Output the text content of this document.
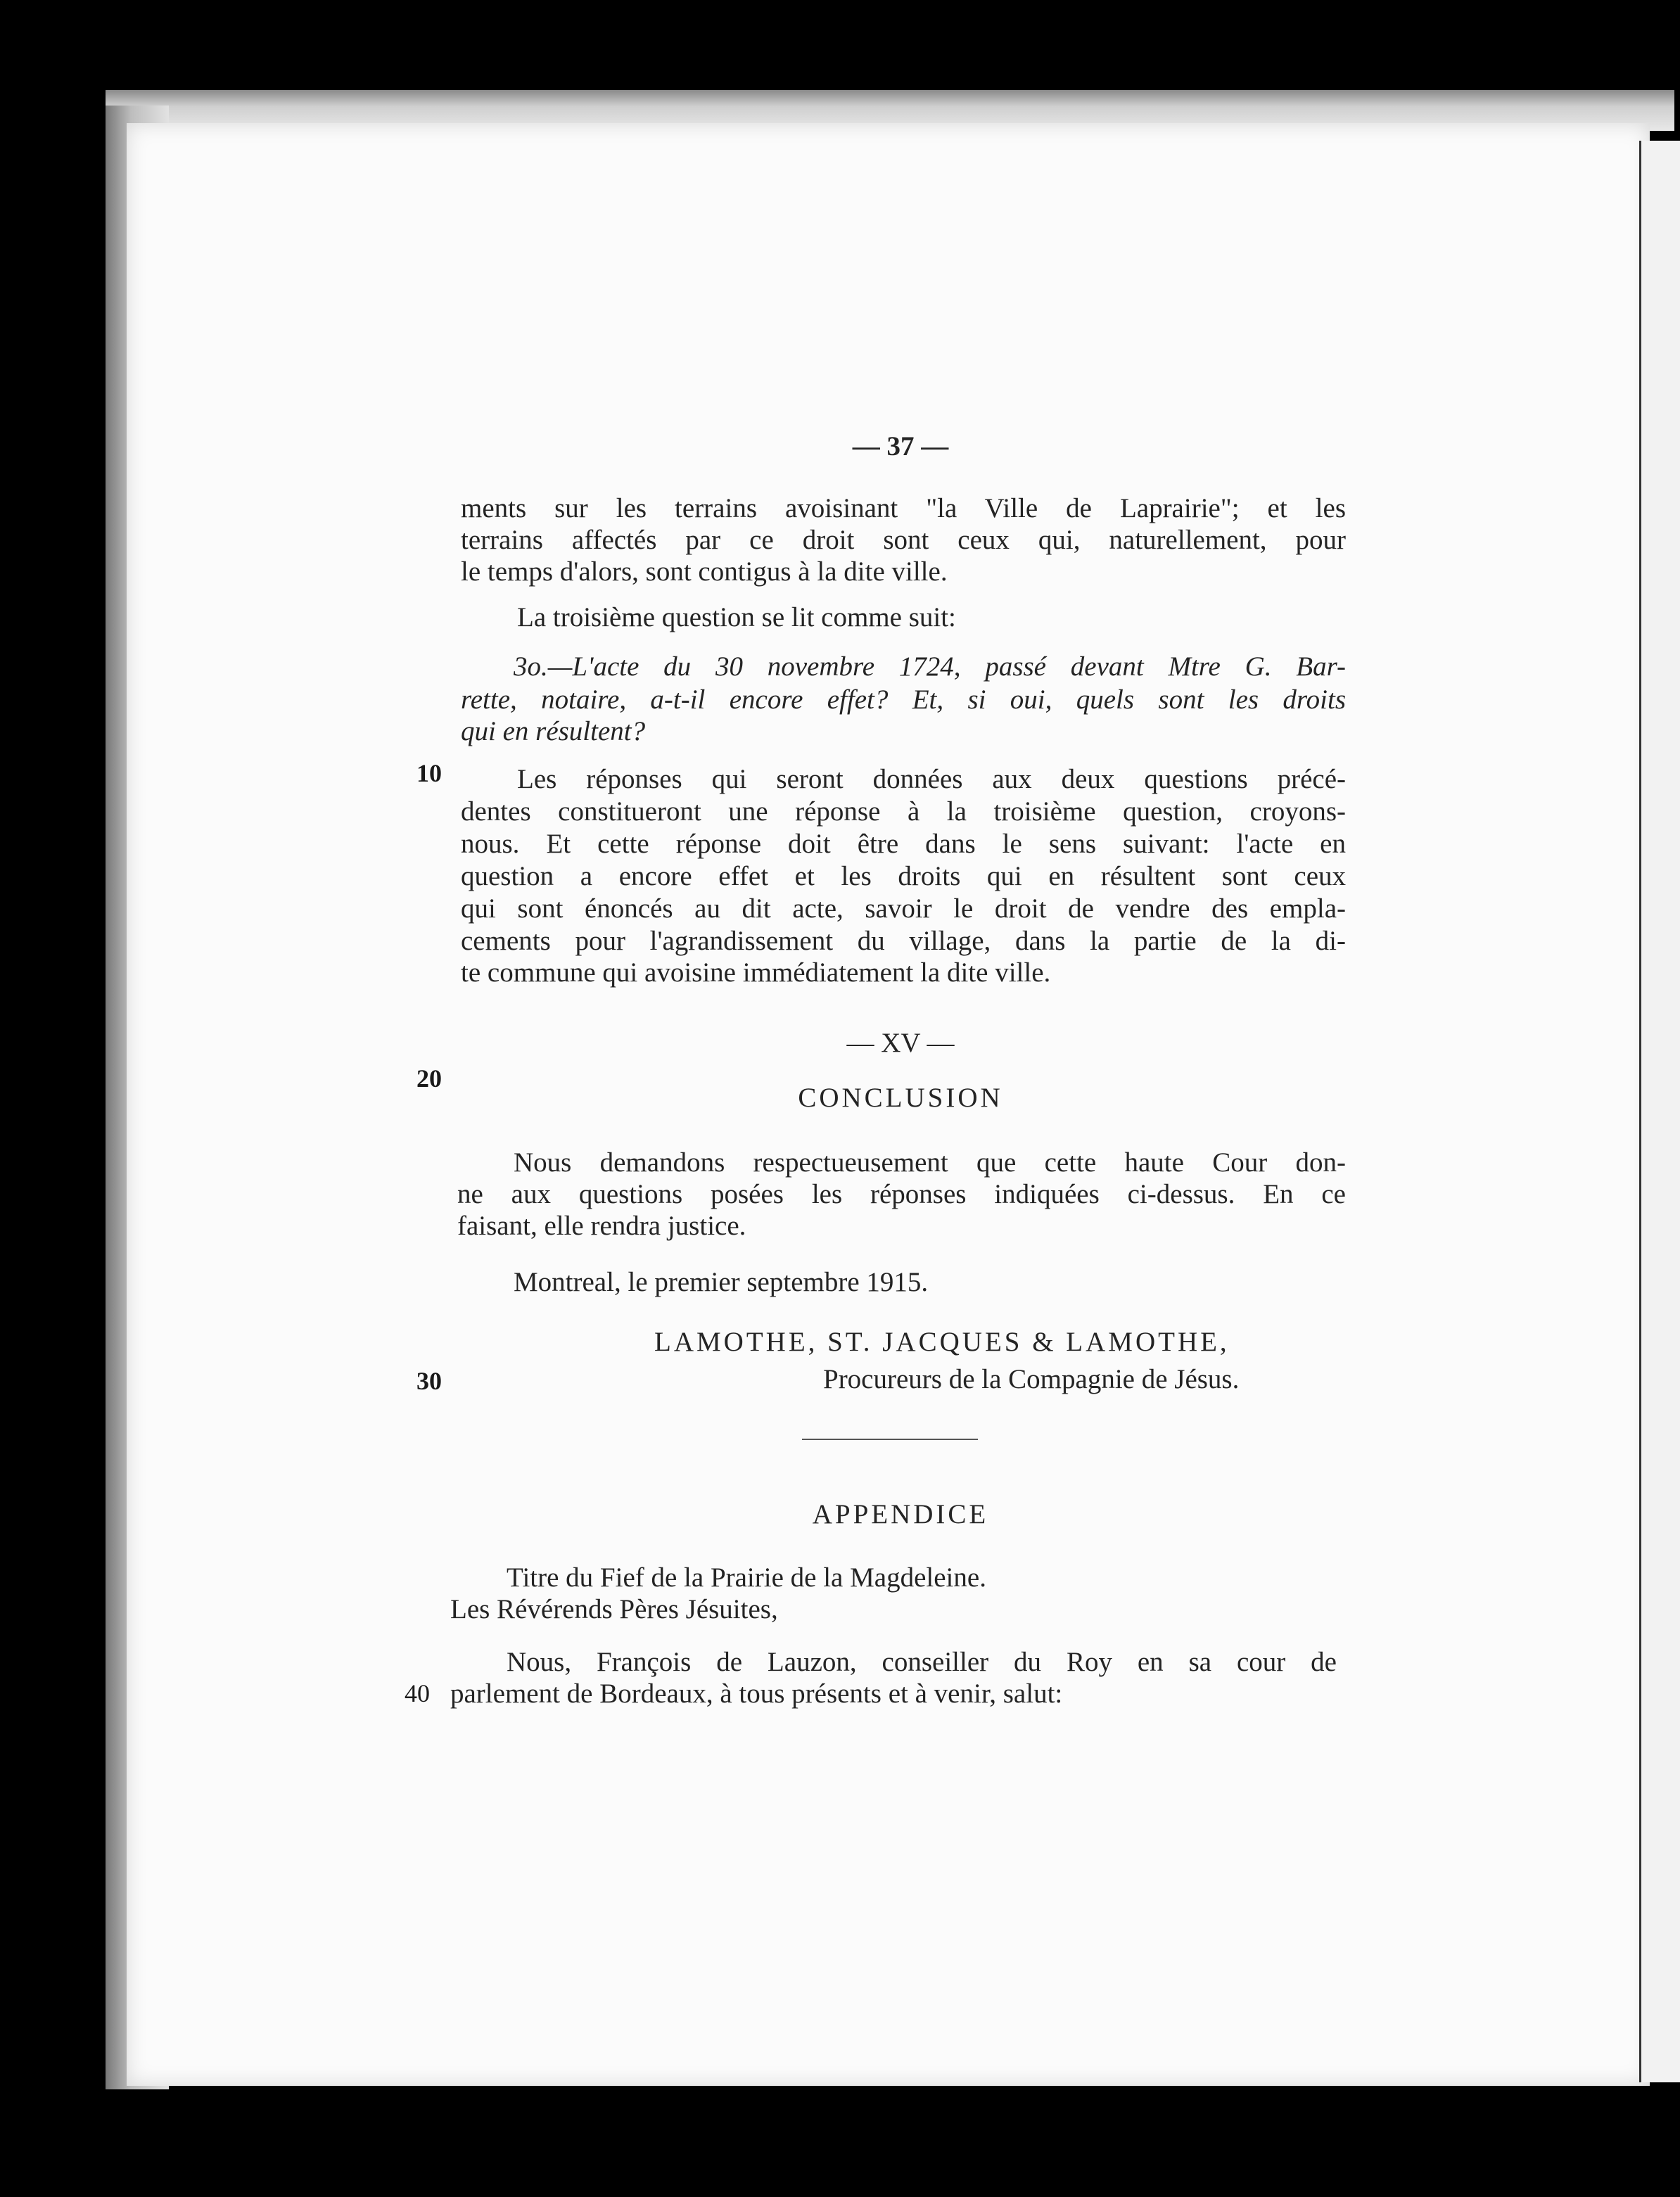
— 37 —
ments sur les terrains avoisinant "la Ville de Laprairie"; et les
terrains affectés par ce droit sont ceux qui, naturellement, pour
le temps d'alors, sont contigus à la dite ville.
La troisième question se lit comme suit:
3o.—L'acte du 30 novembre 1724, passé devant Mtre G. Bar-
rette, notaire, a-t-il encore effet? Et, si oui, quels sont les droits
qui en résultent?
10	Les réponses qui seront données aux deux questions précé-
dentes constitueront une réponse à la troisième question, croyons-
nous. Et cette réponse doit être dans le sens suivant: l'acte en
question a encore effet et les droits qui en résultent sont ceux
qui sont énoncés au dit acte, savoir le droit de vendre des empla-
cements pour l'agrandissement du village, dans la partie de la di-
te commune qui avoisine immédiatement la dite ville.
— XV —
20
CONCLUSION
Nous demandons respectueusement que cette haute Cour don-
ne aux questions posées les réponses indiquées ci-dessus. En ce
faisant, elle rendra justice.
Montreal, le premier septembre 1915.
LAMOTHE, ST. JACQUES & LAMOTHE,
30	Procureurs de la Compagnie de Jésus.
APPENDICE
Titre du Fief de la Prairie de la Magdeleine.
Les Révérends Pères Jésuites,
Nous, François de Lauzon, conseiller du Roy en sa cour de
40 parlement de Bordeaux, à tous présents et à venir, salut:
